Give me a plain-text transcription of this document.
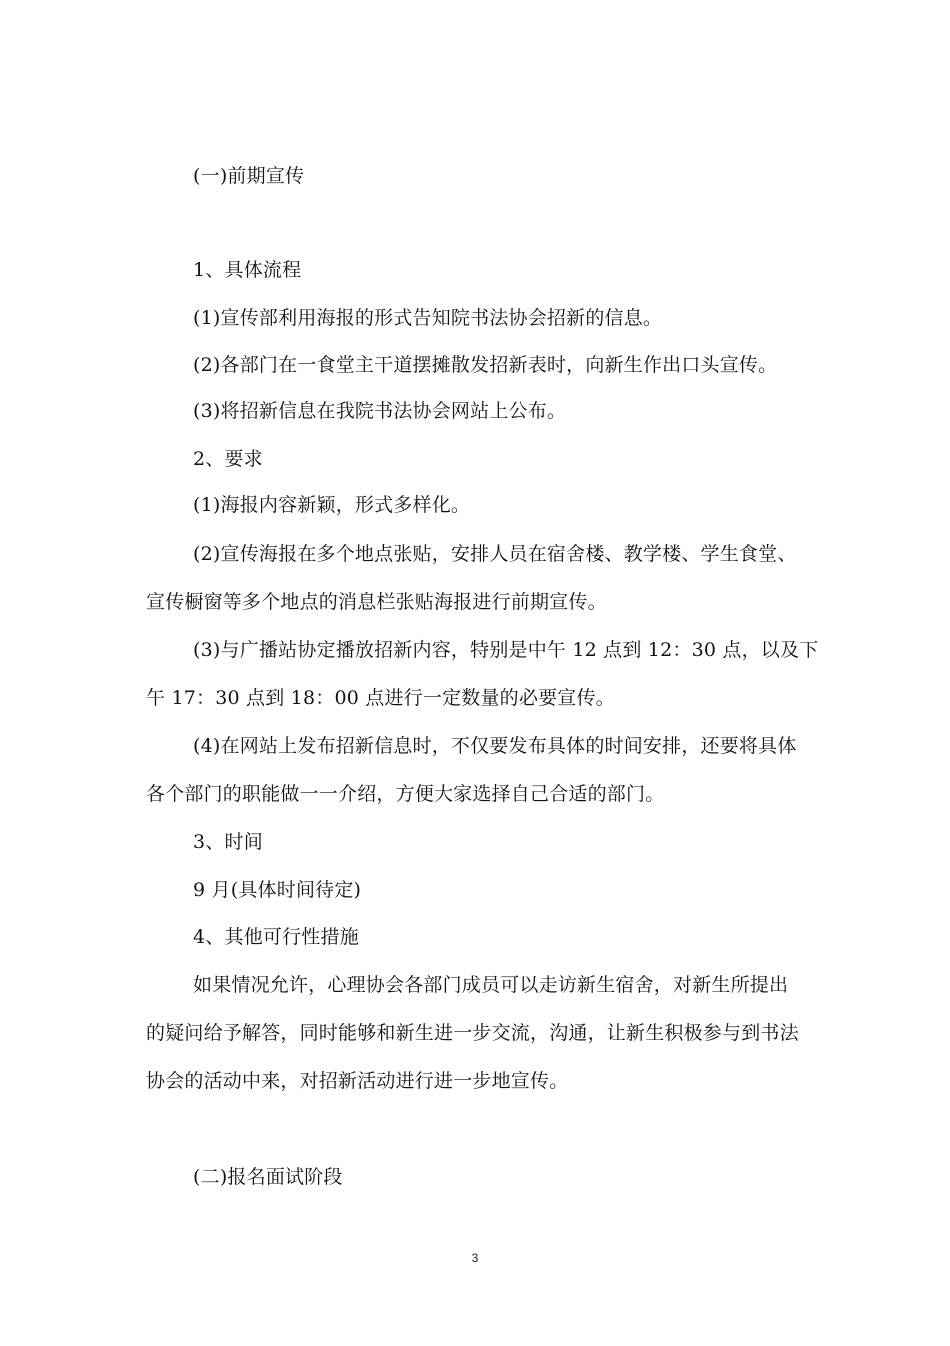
(一)前期宣传
1、具体流程
(1)宣传部利用海报的形式告知院书法协会招新的信息。
(2)各部门在一食堂主干道摆摊散发招新表时，向新生作出口头宣传。
(3)将招新信息在我院书法协会网站上公布。
2、要求
(1)海报内容新颖，形式多样化。
(2)宣传海报在多个地点张贴，安排人员在宿舍楼、教学楼、学生食堂、
宣传橱窗等多个地点的消息栏张贴海报进行前期宣传。
(3)与广播站协定播放招新内容，特别是中午 12 点到 12：30 点，以及下
午 17：30 点到 18：00 点进行一定数量的必要宣传。
(4)在网站上发布招新信息时，不仅要发布具体的时间安排，还要将具体
各个部门的职能做一一介绍，方便大家选择自己合适的部门。
3、时间
9 月(具体时间待定)
4、其他可行性措施
如果情况允许，心理协会各部门成员可以走访新生宿舍，对新生所提出
的疑问给予解答，同时能够和新生进一步交流，沟通，让新生积极参与到书法
协会的活动中来，对招新活动进行进一步地宣传。
(二)报名面试阶段
3
